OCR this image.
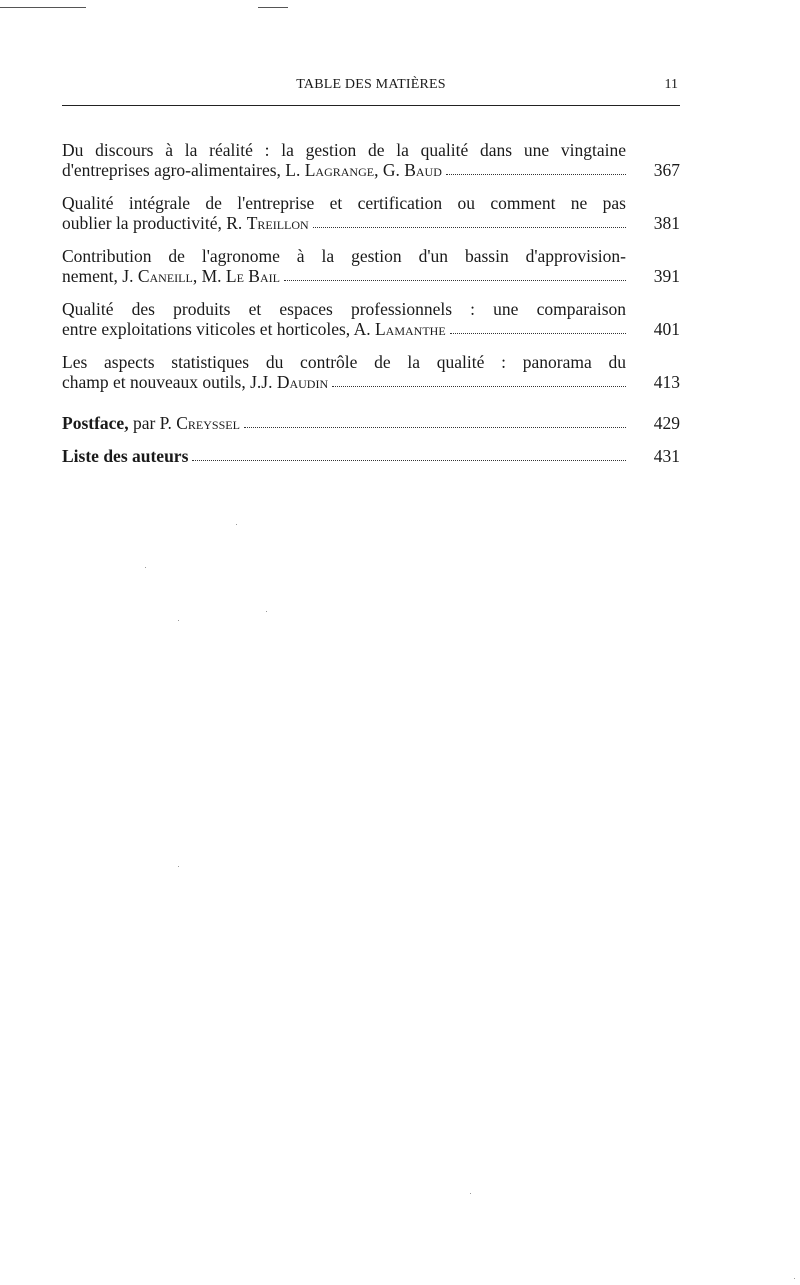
TABLE DES MATIÈRES	11
Du discours à la réalité : la gestion de la qualité dans une vingtaine
d'entreprises agro-alimentaires, L. Lagrange, G. Baud	367
Qualité intégrale de l'entreprise et certification ou comment ne pas
oublier la productivité, R. Treillon	381
Contribution de l'agronome à la gestion d'un bassin d'approvision-
nement, J. Caneill, M. Le Bail	391
Qualité des produits et espaces professionnels : une comparaison
entre exploitations viticoles et horticoles, A. Lamanthe	401
Les aspects statistiques du contrôle de la qualité : panorama du
champ et nouveaux outils, J.J. Daudin	413
Postface, par P. Creyssel	429
Liste des auteurs	431
